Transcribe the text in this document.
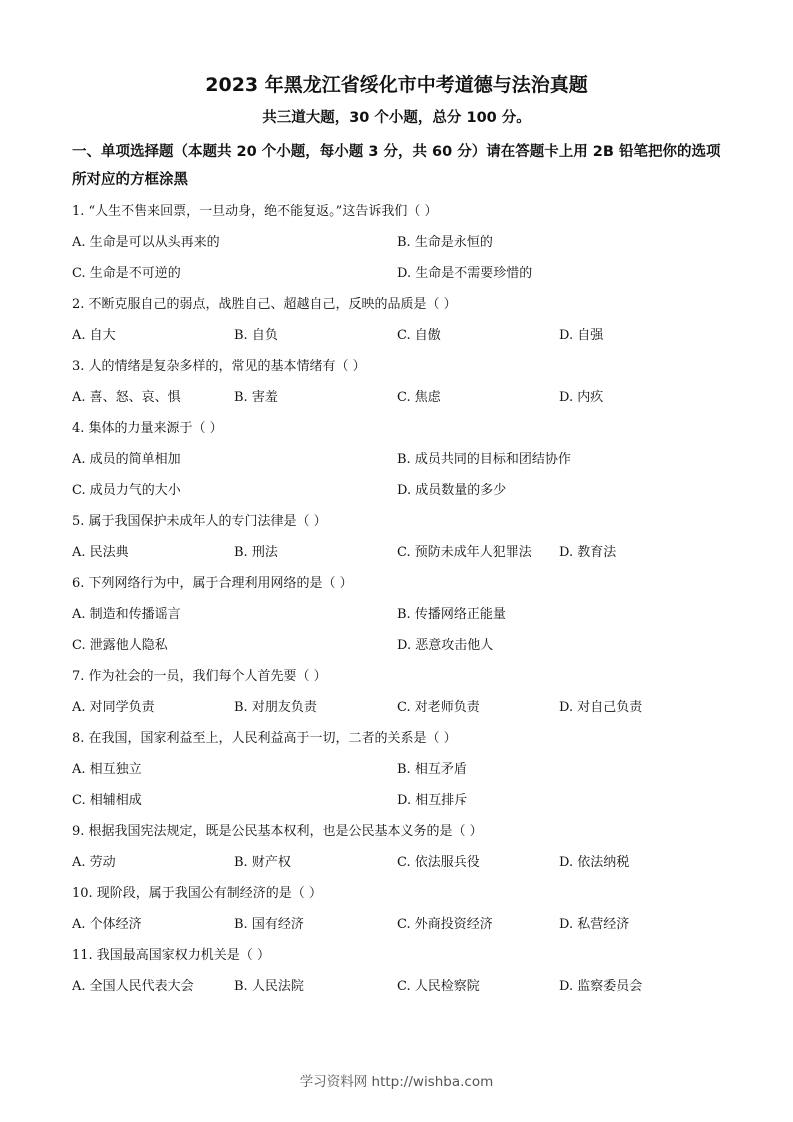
2023 年黑龙江省绥化市中考道德与法治真题
共三道大题，30 个小题，总分 100 分。
一、单项选择题（本题共 20 个小题，每小题 3 分，共 60 分）请在答题卡上用 2B 铅笔把你的选项所对应的方框涂黑
1. “人生不售来回票，一旦动身，绝不能复返。”这告诉我们（ ）
A. 生命是可以从头再来的	B. 生命是永恒的
C. 生命是不可逆的	D. 生命是不需要珍惜的
2. 不断克服自己的弱点，战胜自己、超越自己，反映的品质是（ ）
A. 自大	B. 自负	C. 自傲	D. 自强
3. 人的情绪是复杂多样的，常见的基本情绪有（ ）
A. 喜、怒、哀、惧	B. 害羞	C. 焦虑	D. 内疚
4. 集体的力量来源于（ ）
A. 成员的简单相加	B. 成员共同的目标和团结协作
C. 成员力气的大小	D. 成员数量的多少
5. 属于我国保护未成年人的专门法律是（ ）
A. 民法典	B. 刑法	C. 预防未成年人犯罪法 D. 教育法
6. 下列网络行为中，属于合理利用网络的是（ ）
A. 制造和传播谣言	B. 传播网络正能量
C. 泄露他人隐私	D. 恶意攻击他人
7. 作为社会的一员，我们每个人首先要（ ）
A. 对同学负责	B. 对朋友负责	C. 对老师负责	D. 对自己负责
8. 在我国，国家利益至上，人民利益高于一切，二者的关系是（ ）
A. 相互独立	B. 相互矛盾
C. 相辅相成	D. 相互排斥
9. 根据我国宪法规定，既是公民基本权利，也是公民基本义务的是（ ）
A. 劳动	B. 财产权	C. 依法服兵役	D. 依法纳税
10. 现阶段，属于我国公有制经济的是（ ）
A. 个体经济	B. 国有经济	C. 外商投资经济	D. 私营经济
11. 我国最高国家权力机关是（ ）
A. 全国人民代表大会	B. 人民法院	C. 人民检察院	D. 监察委员会
学习资料网 http://wishba.com
